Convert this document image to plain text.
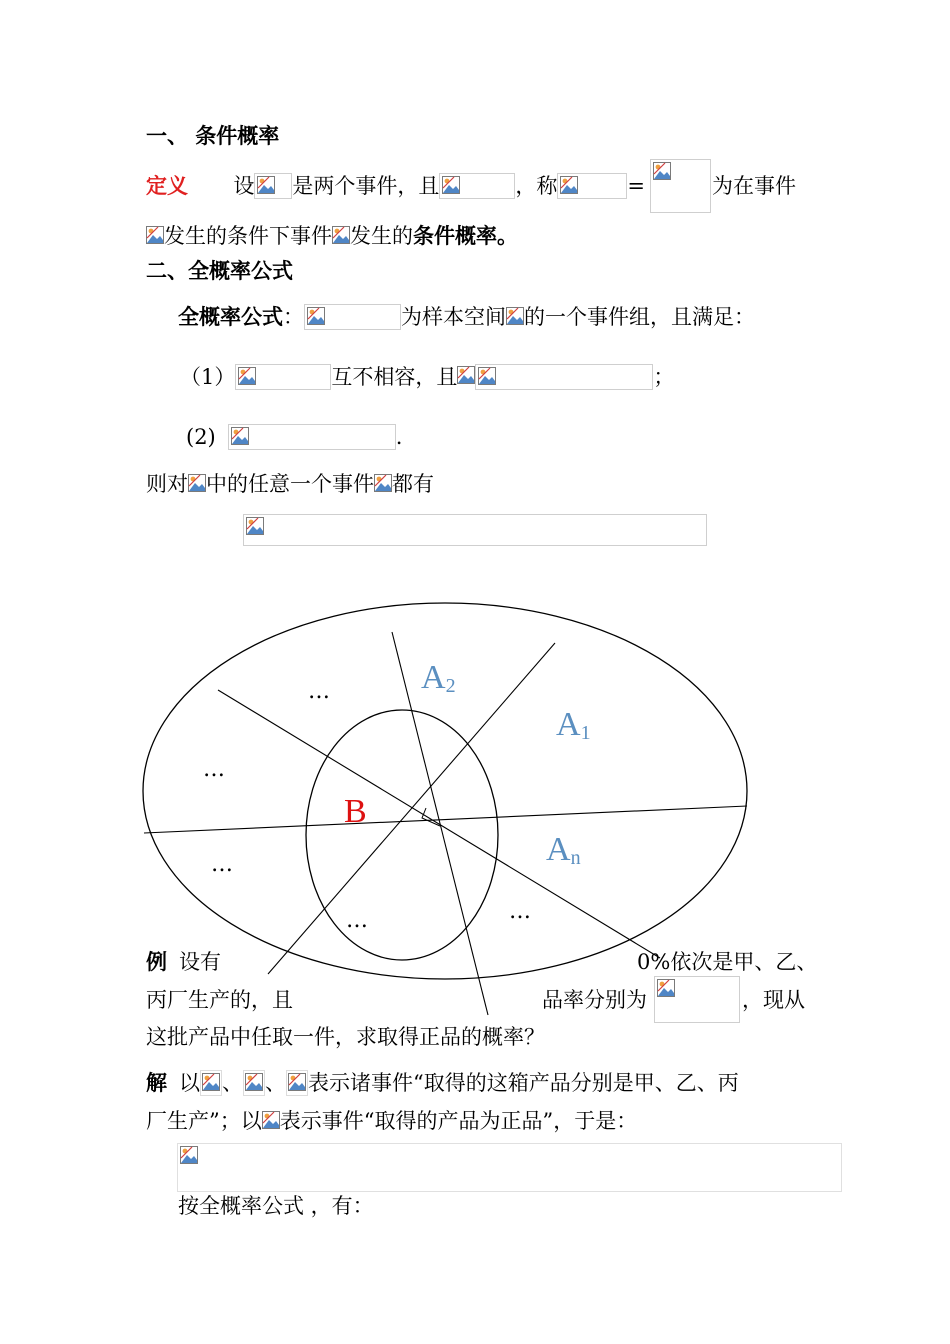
一、 条件概率
定义 设 是两个事件，且	，称	=	为在事件
发生的条件下事件 发生的条件概率。
二、全概率公式
全概率公式：	为样本空间 的一个事件组，且满足：
（1）	互不相容，且	；
(2)	.
则对 中的任意一个事件 都有
例 设有	0%依次是甲、乙、
丙厂生产的，且	品率分别为	，现从
这批产品中任取一件，求取得正品的概率？
A2
A1
B
An
…
…
…
…	…
解 以 、 、 表示诸事件“取得的这箱产品分别是甲、乙、丙
厂生产”；以 表示事件“取得的产品为正品”，于是：
按全概率公式 ，有：
